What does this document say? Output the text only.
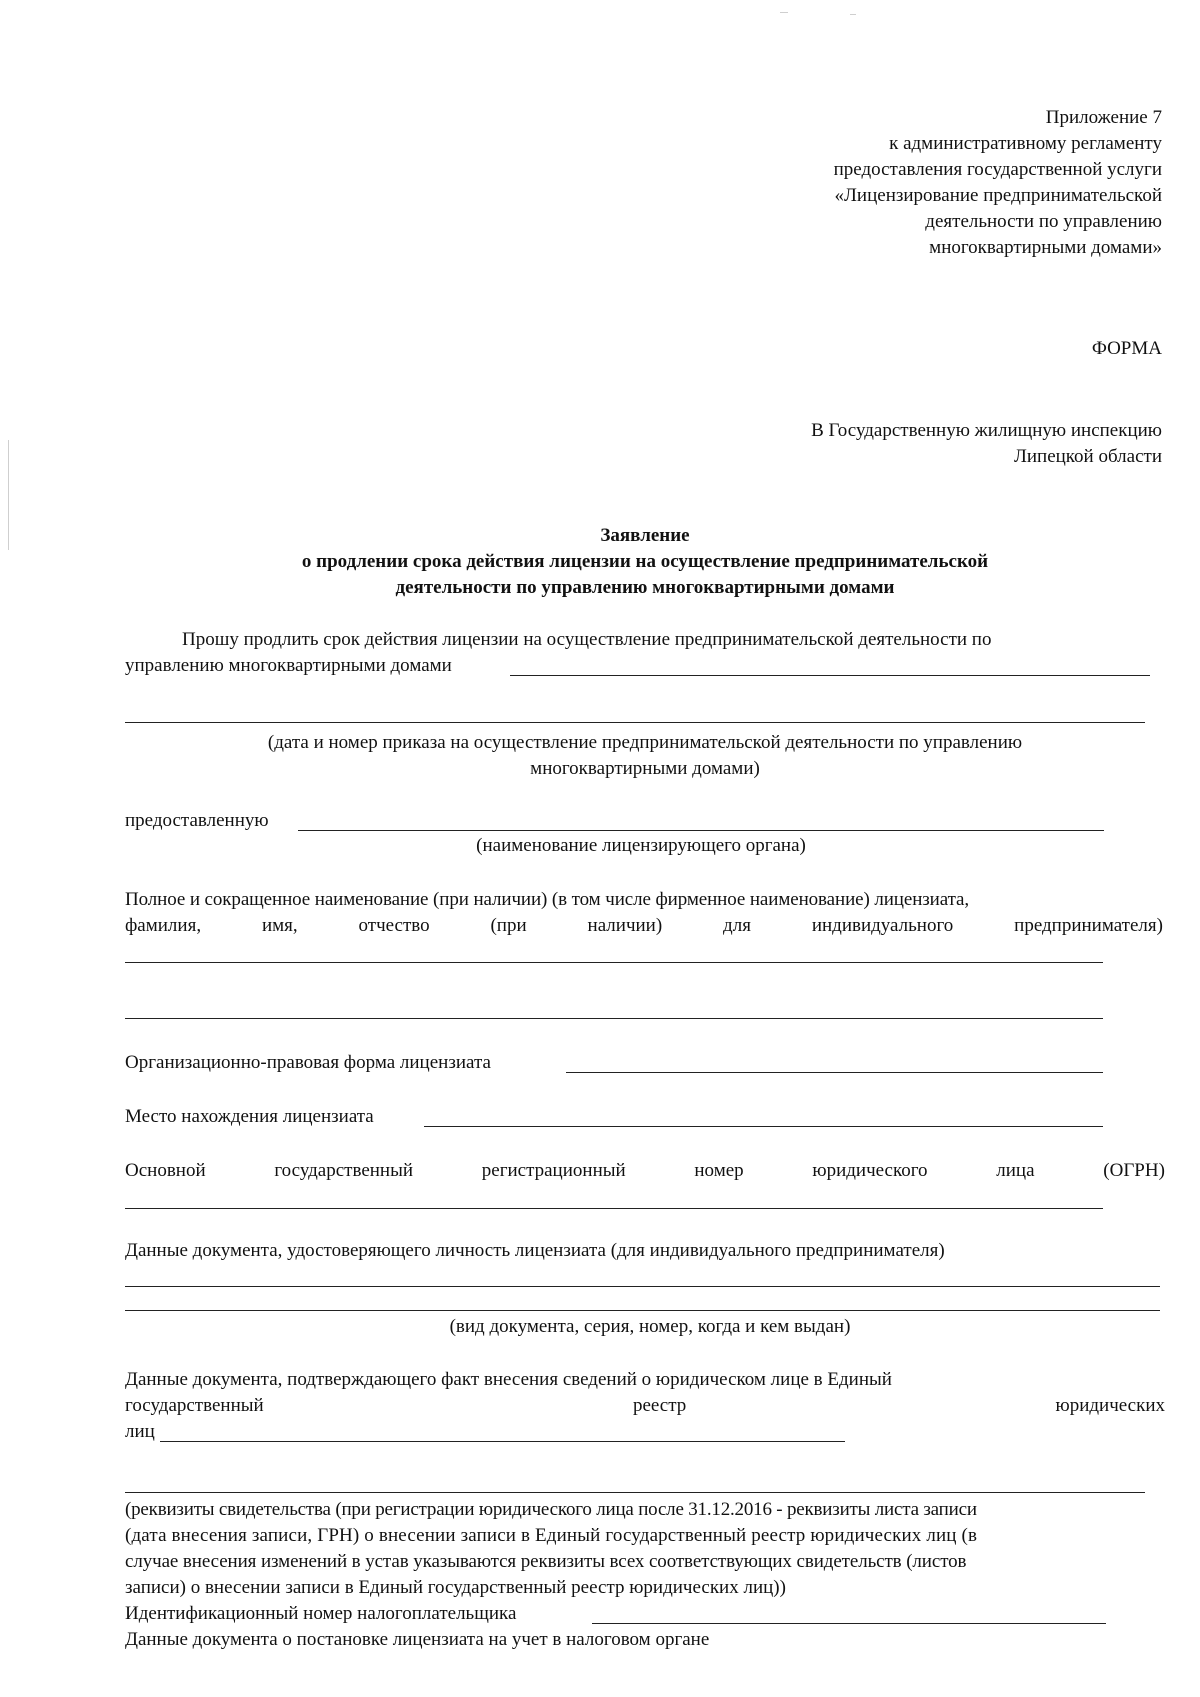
Приложение 7
к административному регламенту
предоставления государственной услуги
«Лицензирование предпринимательской
деятельности по управлению
многоквартирными домами»
ФОРМА
В Государственную жилищную инспекцию
Липецкой области
Заявление
о продлении срока действия лицензии на осуществление предпринимательской
деятельности по управлению многоквартирными домами
Прошу продлить срок действия лицензии на осуществление предпринимательской деятельности по
управлению многоквартирными домами
(дата и номер приказа на осуществление предпринимательской деятельности по управлению
многоквартирными домами)
предоставленную
(наименование лицензирующего органа)
Полное и сокращенное наименование (при наличии) (в том числе фирменное наименование) лицензиата,
фамилия,	имя,	отчество	(при	наличии)	для	индивидуального	предпринимателя)
Организационно-правовая форма лицензиата
Место нахождения лицензиата
Основной	государственный	регистрационный	номер	юридического	лица	(ОГРН)
Данные документа, удостоверяющего личность лицензиата (для индивидуального предпринимателя)
(вид документа, серия, номер, когда и кем выдан)
Данные документа, подтверждающего факт внесения сведений о юридическом лице в Единый
государственный	реестр	юридических
лиц
(реквизиты свидетельства (при регистрации юридического лица после 31.12.2016 - реквизиты листа записи
(дата внесения записи, ГРН) о внесении записи в Единый государственный реестр юридических лиц (в
случае внесения изменений в устав указываются реквизиты всех соответствующих свидетельств (листов
записи) о внесении записи в Единый государственный реестр юридических лиц))
Идентификационный номер налогоплательщика
Данные документа о постановке лицензиата на учет в налоговом органе
